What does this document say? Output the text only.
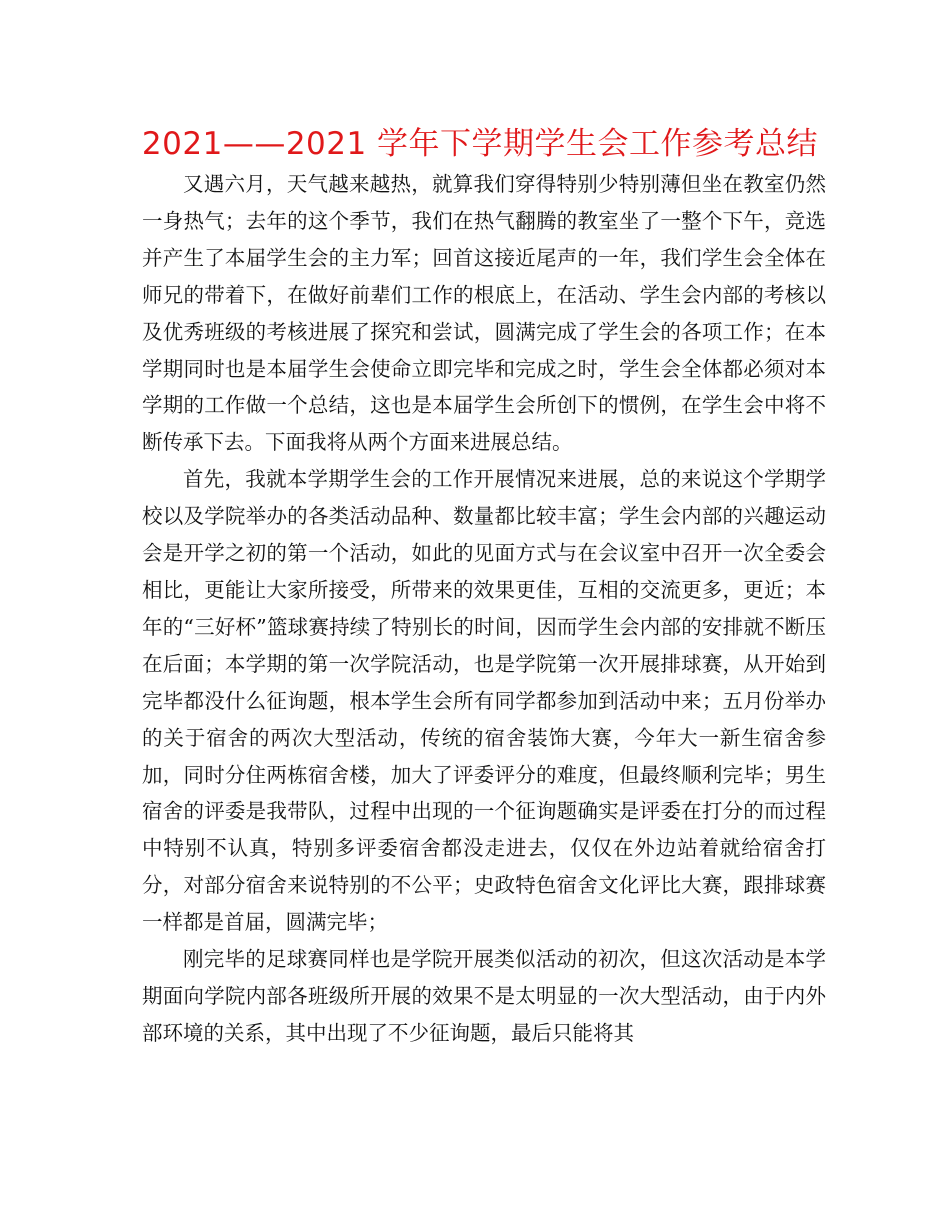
2021——2021 学年下学期学生会工作参考总结

又遇六月，天气越来越热，就算我们穿得特别少特别薄但坐在教室仍然一身热气；去年的这个季节，我们在热气翻腾的教室坐了一整个下午，竞选并产生了本届学生会的主力军；回首这接近尾声的一年，我们学生会全体在师兄的带着下，在做好前辈们工作的根底上，在活动、学生会内部的考核以及优秀班级的考核进展了探究和尝试，圆满完成了学生会的各项工作；在本学期同时也是本届学生会使命立即完毕和完成之时，学生会全体都必须对本学期的工作做一个总结，这也是本届学生会所创下的惯例，在学生会中将不断传承下去。下面我将从两个方面来进展总结。

首先，我就本学期学生会的工作开展情况来进展，总的来说这个学期学校以及学院举办的各类活动品种、数量都比较丰富；学生会内部的兴趣运动会是开学之初的第一个活动，如此的见面方式与在会议室中召开一次全委会相比，更能让大家所接受，所带来的效果更佳，互相的交流更多，更近；本年的“三好杯”篮球赛持续了特别长的时间，因而学生会内部的安排就不断压在后面；本学期的第一次学院活动，也是学院第一次开展排球赛，从开始到完毕都没什么征询题，根本学生会所有同学都参加到活动中来；五月份举办的关于宿舍的两次大型活动，传统的宿舍装饰大赛，今年大一新生宿舍参加，同时分住两栋宿舍楼，加大了评委评分的难度，但最终顺利完毕；男生宿舍的评委是我带队，过程中出现的一个征询题确实是评委在打分的而过程中特别不认真，特别多评委宿舍都没走进去，仅仅在外边站着就给宿舍打分，对部分宿舍来说特别的不公平；史政特色宿舍文化评比大赛，跟排球赛一样都是首届，圆满完毕；

刚完毕的足球赛同样也是学院开展类似活动的初次，但这次活动是本学期面向学院内部各班级所开展的效果不是太明显的一次大型活动，由于内外部环境的关系，其中出现了不少征询题，最后只能将其
